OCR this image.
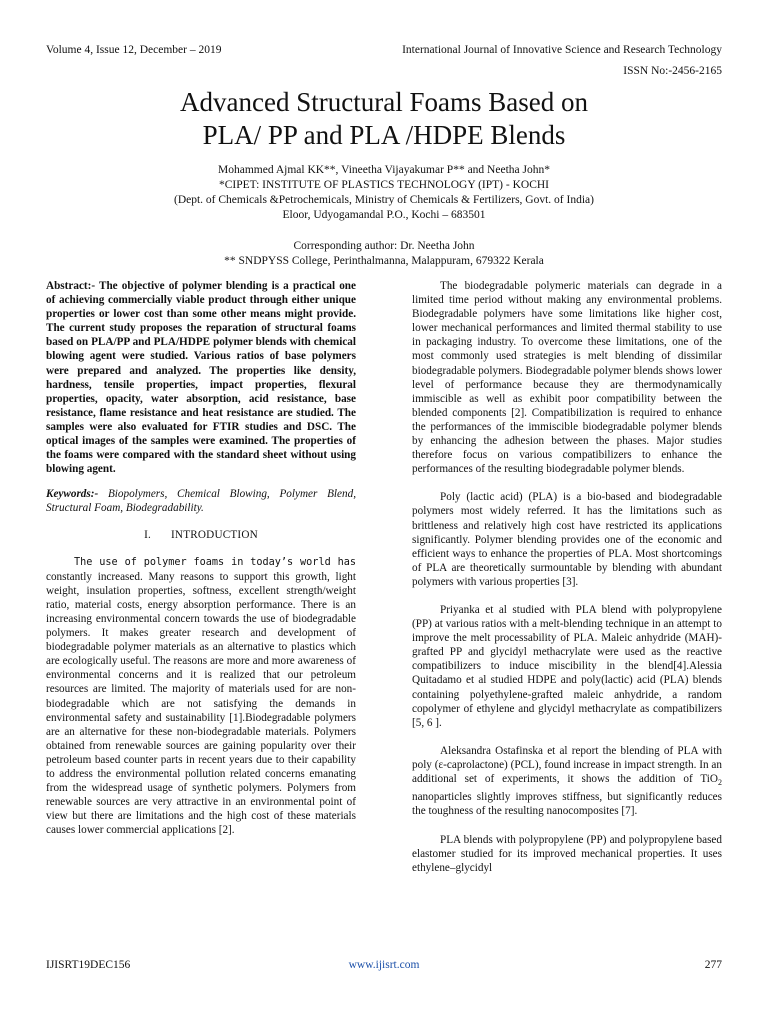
Volume 4, Issue 12, December – 2019	International Journal of Innovative Science and Research Technology
ISSN No:-2456-2165
Advanced Structural Foams Based on
PLA/ PP and PLA /HDPE Blends
Mohammed Ajmal KK**, Vineetha Vijayakumar P** and Neetha John*
*CIPET: INSTITUTE OF PLASTICS TECHNOLOGY (IPT) - KOCHI
(Dept. of Chemicals &Petrochemicals, Ministry of Chemicals & Fertilizers, Govt. of India)
Eloor, Udyogamandal P.O., Kochi – 683501
Corresponding author: Dr. Neetha John
** SNDPYSS College, Perinthalmanna, Malappuram, 679322 Kerala

Abstract:- The objective of polymer blending is a practical one of achieving commercially viable product through either unique properties or lower cost than some other means might provide. The current study proposes the reparation of structural foams based on PLA/PP and PLA/HDPE polymer blends with chemical blowing agent were studied. Various ratios of base polymers were prepared and analyzed. The properties like density, hardness, tensile properties, impact properties, flexural properties, opacity, water absorption, acid resistance, base resistance, flame resistance and heat resistance are studied. The samples were also evaluated for FTIR studies and DSC. The optical images of the samples were examined. The properties of the foams were compared with the standard sheet without using blowing agent.

Keywords:- Biopolymers, Chemical Blowing, Polymer Blend, Structural Foam, Biodegradability.

I. INTRODUCTION

The use of polymer foams in today’s world has constantly increased. Many reasons to support this growth, light weight, insulation properties, softness, excellent strength/weight ratio, material costs, energy absorption performance. There is an increasing environmental concern towards the use of biodegradable polymers. It makes greater research and development of biodegradable polymer materials as an alternative to plastics which are ecologically useful. The reasons are more and more awareness of environmental concerns and it is realized that our petroleum resources are limited. The majority of materials used for are non-biodegradable which are not satisfying the demands in environmental safety and sustainability [1].Biodegradable polymers are an alternative for these non-biodegradable materials. Polymers obtained from renewable sources are gaining popularity over their petroleum based counter parts in recent years due to their capability to address the environmental pollution related concerns emanating from the widespread usage of synthetic polymers. Polymers from renewable sources are very attractive in an environmental point of view but there are limitations and the high cost of these materials causes lower commercial applications [2].

The biodegradable polymeric materials can degrade in a limited time period without making any environmental problems. Biodegradable polymers have some limitations like higher cost, lower mechanical performances and limited thermal stability to use in packaging industry. To overcome these limitations, one of the most commonly used strategies is melt blending of dissimilar biodegradable polymers. Biodegradable polymer blends shows lower level of performance because they are thermodynamically immiscible as well as exhibit poor compatibility between the blended components [2]. Compatibilization is required to enhance the performances of the immiscible biodegradable polymer blends by enhancing the adhesion between the phases. Major studies therefore focus on various compatibilizers to enhance the performances of the resulting biodegradable polymer blends.

Poly (lactic acid) (PLA) is a bio-based and biodegradable polymers most widely referred. It has the limitations such as brittleness and relatively high cost have restricted its applications significantly. Polymer blending provides one of the economic and efficient ways to enhance the properties of PLA. Most shortcomings of PLA are theoretically surmountable by blending with abundant polymers with various properties [3].

Priyanka et al studied with PLA blend with polypropylene (PP) at various ratios with a melt-blending technique in an attempt to improve the melt processability of PLA. Maleic anhydride (MAH)-grafted PP and glycidyl methacrylate were used as the reactive compatibilizers to induce miscibility in the blend[4].Alessia Quitadamo et al studied HDPE and poly(lactic) acid (PLA) blends containing polyethylene-grafted maleic anhydride, a random copolymer of ethylene and glycidyl methacrylate as compatibilizers [5, 6 ].

Aleksandra Ostafinska et al report the blending of PLA with poly (ε-caprolactone) (PCL), found increase in impact strength. In an additional set of experiments, it shows the addition of TiO$_2$ nanoparticles slightly improves stiffness, but significantly reduces the toughness of the resulting nanocomposites [7].

PLA blends with polypropylene (PP) and polypropylene based elastomer studied for its improved mechanical properties. It uses ethylene–glycidyl

IJISRT19DEC156	www.ijisrt.com	277
